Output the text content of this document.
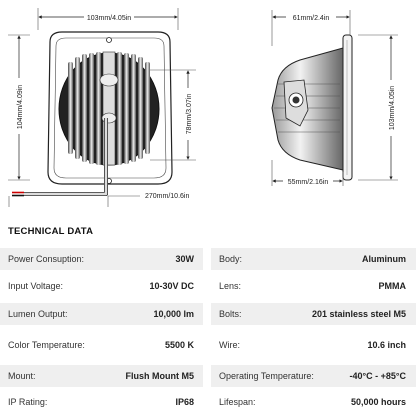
103mm/4.05in
104mm/4.09in	78mm/3.07in
270mm/10.6in
61mm/2.4in
103mm/4.05in
55mm/2.16in
TECHNICAL DATA
Power Consuption:	30W	Body:	Aluminum
Input Voltage:	10-30V DC	Lens:	PMMA
Lumen Output:	10,000 lm	Bolts:	201 stainless steel M5
Color Temperature:	5500 K	Wire:	10.6 inch
Mount:	Flush Mount M5	Operating Temperature:	-40°C - +85°C
IP Rating:	IP68	Lifespan:	50,000 hours
